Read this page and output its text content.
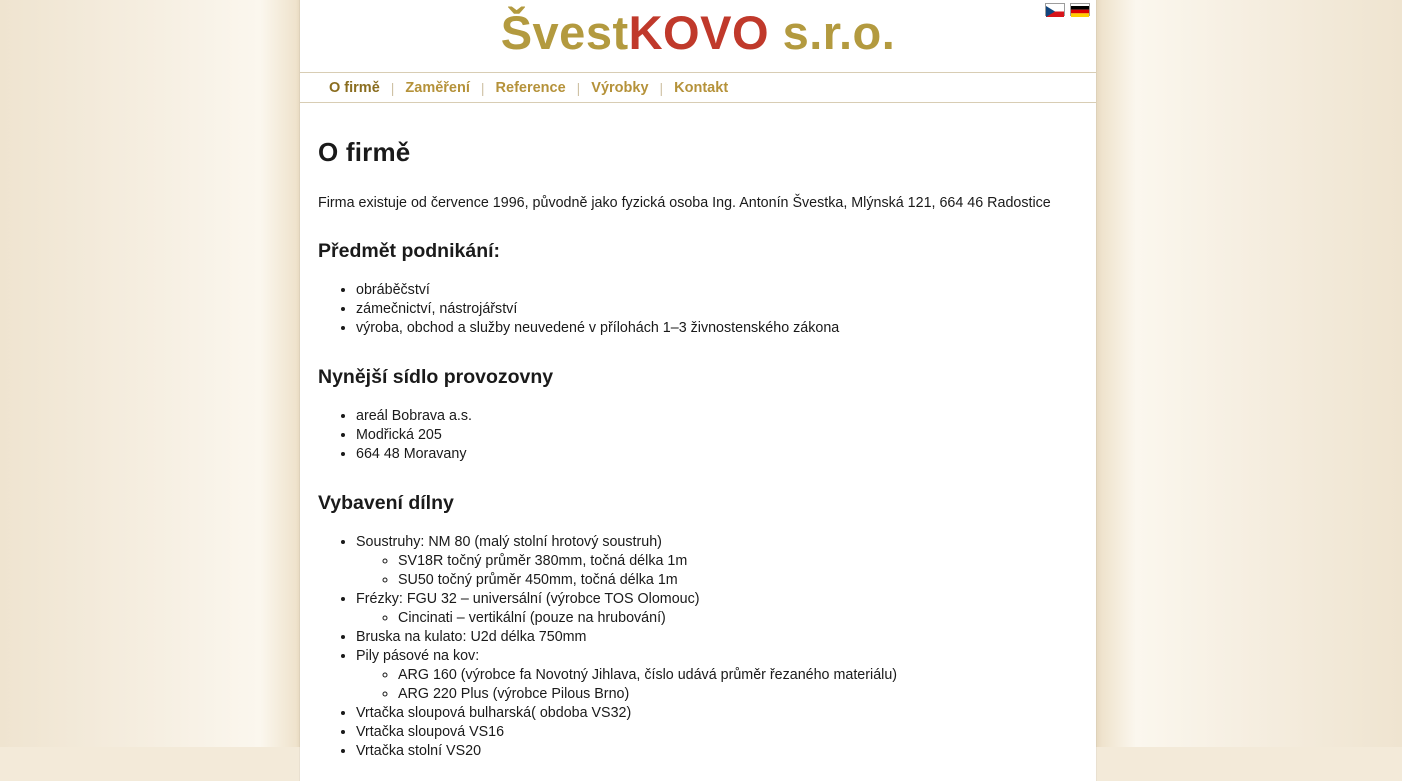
ŠvestKOVO s.r.o.
O firmě | Zaměření | Reference | Výrobky | Kontakt
O firmě

Firma existuje od července 1996, původně jako fyzická osoba Ing. Antonín Švestka, Mlýnská 121, 664 46 Radostice

Předmět podnikání:
• obráběčství
• zámečnictví, nástrojářství
• výroba, obchod a služby neuvedené v přílohách 1–3 živnostenského zákona
Nynější sídlo provozovny
• areál Bobrava a.s.
• Modřická 205
• 664 48 Moravany
Vybavení dílny
• Soustruhy: NM 80 (malý stolní hrotový soustruh)
◦ SV18R točný průměr 380mm, točná délka 1m
◦ SU50 točný průměr 450mm, točná délka 1m
• Frézky: FGU 32 – universální (výrobce TOS Olomouc)
◦ Cincinati – vertikální (pouze na hrubování)
• Bruska na kulato: U2d délka 750mm
• Pily pásové na kov:
◦ ARG 160 (výrobce fa Novotný Jihlava, číslo udává průměr řezaného materiálu)
◦ ARG 220 Plus (výrobce Pilous Brno)
• Vrtačka sloupová bulharská( obdoba VS32)
• Vrtačka sloupová VS16
• Vrtačka stolní VS20
